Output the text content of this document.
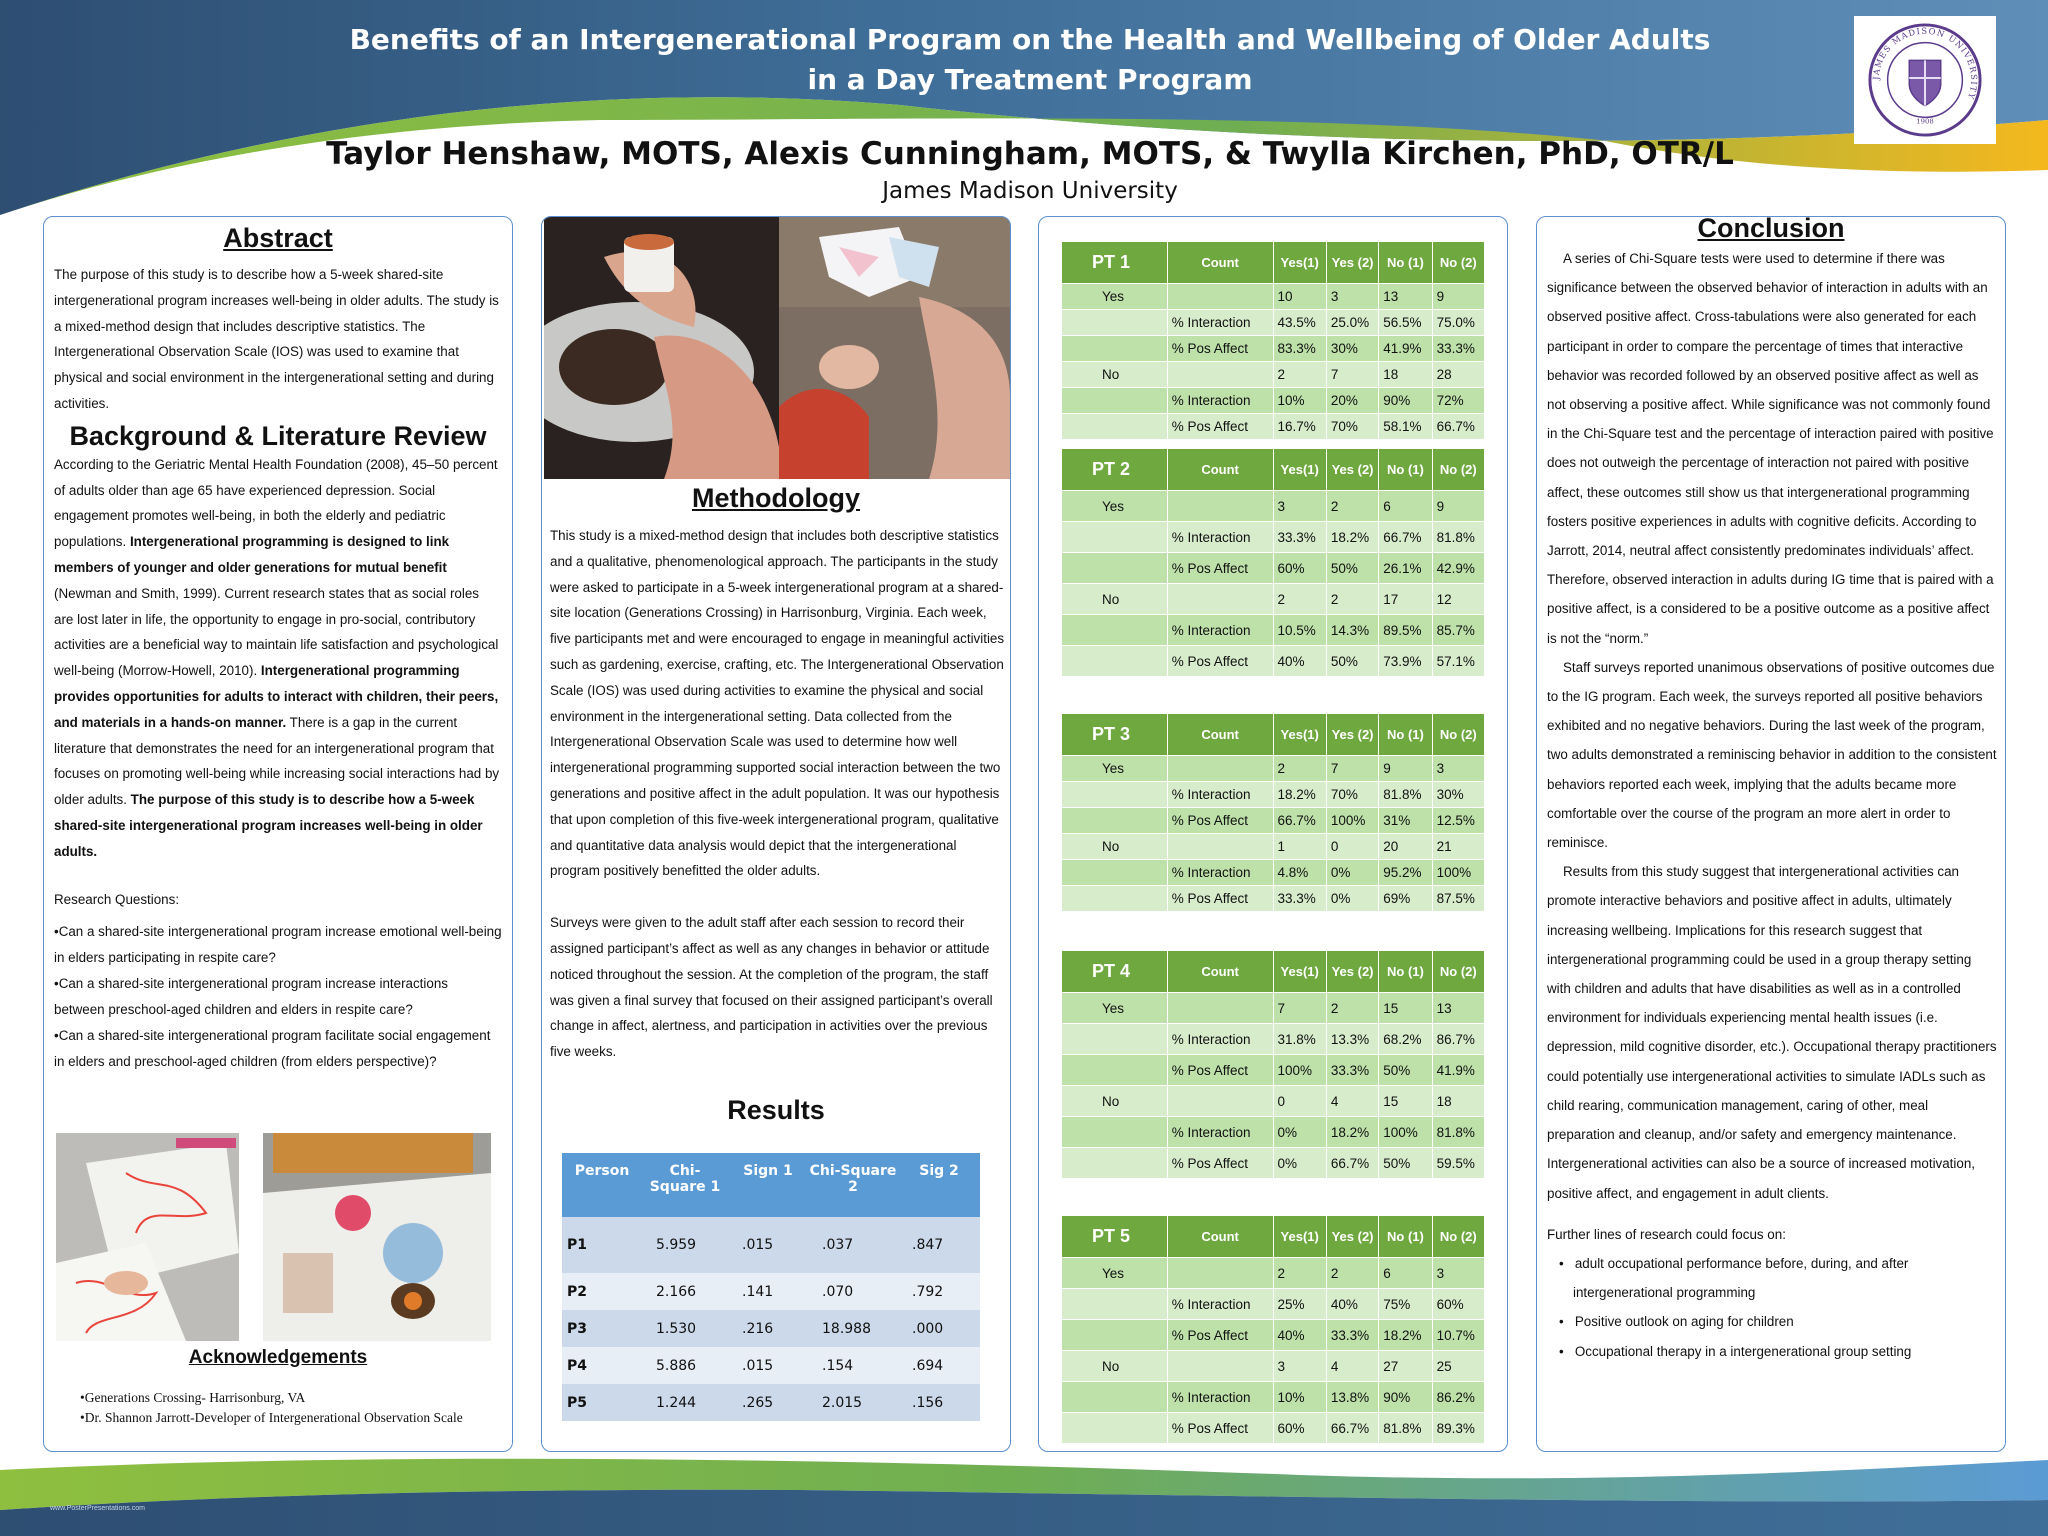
Benefits of an Intergenerational Program on the Health and Wellbeing of Older Adults
in a Day Treatment Program
Taylor Henshaw, MOTS, Alexis Cunningham, MOTS, & Twylla Kirchen, PhD, OTR/L
James Madison University
JAMES MADISON UNIVERSITY
1908
Abstract

The purpose of this study is to describe how a 5-week shared-site intergenerational program increases well-being in older adults. The study is a mixed-method design that includes descriptive statistics. The Intergenerational Observation Scale (IOS) was used to examine that physical and social environment in the intergenerational setting and during activities.

Background & Literature Review

According to the Geriatric Mental Health Foundation (2008), 45–50 percent of adults older than age 65 have experienced depression. Social engagement promotes well-being, in both the elderly and pediatric populations. Intergenerational programming is designed to link members of younger and older generations for mutual benefit (Newman and Smith, 1999). Current research states that as social roles are lost later in life, the opportunity to engage in pro-social, contributory activities are a beneficial way to maintain life satisfaction and psychological well-being (Morrow-Howell, 2010). Intergenerational programming provides opportunities for adults to interact with children, their peers, and materials in a hands-on manner. There is a gap in the current literature that demonstrates the need for an intergenerational program that focuses on promoting well-being while increasing social interactions had by older adults. The purpose of this study is to describe how a 5-week shared-site intergenerational program increases well-being in older adults.

Research Questions:
•Can a shared-site intergenerational program increase emotional well-being in elders participating in respite care?
•Can a shared-site intergenerational program increase interactions between preschool-aged children and elders in respite care?
•Can a shared-site intergenerational program facilitate social engagement in elders and preschool-aged children (from elders perspective)?
Acknowledgements
•Generations Crossing- Harrisonburg, VA
•Dr. Shannon Jarrott-Developer of Intergenerational Observation Scale
Methodology

This study is a mixed-method design that includes both descriptive statistics and a qualitative, phenomenological approach. The participants in the study were asked to participate in a 5-week intergenerational program at a shared-site location (Generations Crossing) in Harrisonburg, Virginia. Each week, five participants met and were encouraged to engage in meaningful activities such as gardening, exercise, crafting, etc. The Intergenerational Observation Scale (IOS) was used during activities to examine the physical and social environment in the intergenerational setting. Data collected from the Intergenerational Observation Scale was used to determine how well intergenerational programming supported social interaction between the two generations and positive affect in the adult population. It was our hypothesis that upon completion of this five-week intergenerational program, qualitative and quantitative data analysis would depict that the intergenerational program positively benefitted the older adults.

Surveys were given to the adult staff after each session to record their assigned participant’s affect as well as any changes in behavior or attitude noticed throughout the session. At the completion of the program, the staff was given a final survey that focused on their assigned participant’s overall change in affect, alertness, and participation in activities over the previous five weeks.

Results
Person	Chi-Square 1	Sign 1	Chi-Square 2	Sig 2
P1	5.959	.015	.037	.847
P2	2.166	.141	.070	.792
P3	1.530	.216	18.988	.000
P4	5.886	.015	.154	.694
P5	1.244	.265	2.015	.156
PT 1	Count	Yes(1)	Yes (2)	No (1)	No (2)
Yes		10	3	13	9
	% Interaction	43.5%	25.0%	56.5%	75.0%
	% Pos Affect	83.3%	30%	41.9%	33.3%
No		2	7	18	28
	% Interaction	10%	20%	90%	72%
	% Pos Affect	16.7%	70%	58.1%	66.7%
PT 2	Count	Yes(1)	Yes (2)	No (1)	No (2)
Yes		3	2	6	9
	% Interaction	33.3%	18.2%	66.7%	81.8%
	% Pos Affect	60%	50%	26.1%	42.9%
No		2	2	17	12
	% Interaction	10.5%	14.3%	89.5%	85.7%
	% Pos Affect	40%	50%	73.9%	57.1%
PT 3	Count	Yes(1)	Yes (2)	No (1)	No (2)
Yes		2	7	9	3
	% Interaction	18.2%	70%	81.8%	30%
	% Pos Affect	66.7%	100%	31%	12.5%
No		1	0	20	21
	% Interaction	4.8%	0%	95.2%	100%
	% Pos Affect	33.3%	0%	69%	87.5%
PT 4	Count	Yes(1)	Yes (2)	No (1)	No (2)
Yes		7	2	15	13
	% Interaction	31.8%	13.3%	68.2%	86.7%
	% Pos Affect	100%	33.3%	50%	41.9%
No		0	4	15	18
	% Interaction	0%	18.2%	100%	81.8%
	% Pos Affect	0%	66.7%	50%	59.5%
PT 5	Count	Yes(1)	Yes (2)	No (1)	No (2)
Yes		2	2	6	3
	% Interaction	25%	40%	75%	60%
	% Pos Affect	40%	33.3%	18.2%	10.7%
No		3	4	27	25
	% Interaction	10%	13.8%	90%	86.2%
	% Pos Affect	60%	66.7%	81.8%	89.3%
Conclusion

A series of Chi-Square tests were used to determine if there was significance between the observed behavior of interaction in adults with an observed positive affect. Cross-tabulations were also generated for each participant in order to compare the percentage of times that interactive behavior was recorded followed by an observed positive affect as well as not observing a positive affect. While significance was not commonly found in the Chi-Square test and the percentage of interaction paired with positive does not outweigh the percentage of interaction not paired with positive affect, these outcomes still show us that intergenerational programming fosters positive experiences in adults with cognitive deficits. According to Jarrott, 2014, neutral affect consistently predominates individuals’ affect. Therefore, observed interaction in adults during IG time that is paired with a positive affect, is a considered to be a positive outcome as a positive affect is not the “norm.”

Staff surveys reported unanimous observations of positive outcomes due to the IG program. Each week, the surveys reported all positive behaviors exhibited and no negative behaviors. During the last week of the program, two adults demonstrated a reminiscing behavior in addition to the consistent behaviors reported each week, implying that the adults became more comfortable over the course of the program an more alert in order to reminisce.

Results from this study suggest that intergenerational activities can promote interactive behaviors and positive affect in adults, ultimately increasing wellbeing. Implications for this research suggest that intergenerational programming could be used in a group therapy setting with children and adults that have disabilities as well as in a controlled environment for individuals experiencing mental health issues (i.e. depression, mild cognitive disorder, etc.). Occupational therapy practitioners could potentially use intergenerational activities to simulate IADLs such as child rearing, communication management, caring of other, meal preparation and cleanup, and/or safety and emergency maintenance. Intergenerational activities can also be a source of increased motivation, positive affect, and engagement in adult clients.

Further lines of research could focus on:

•   adult occupational performance before, during, and after intergenerational programming
•   Positive outlook on aging for children
•   Occupational therapy in a intergenerational group setting
www.PosterPresentations.com
